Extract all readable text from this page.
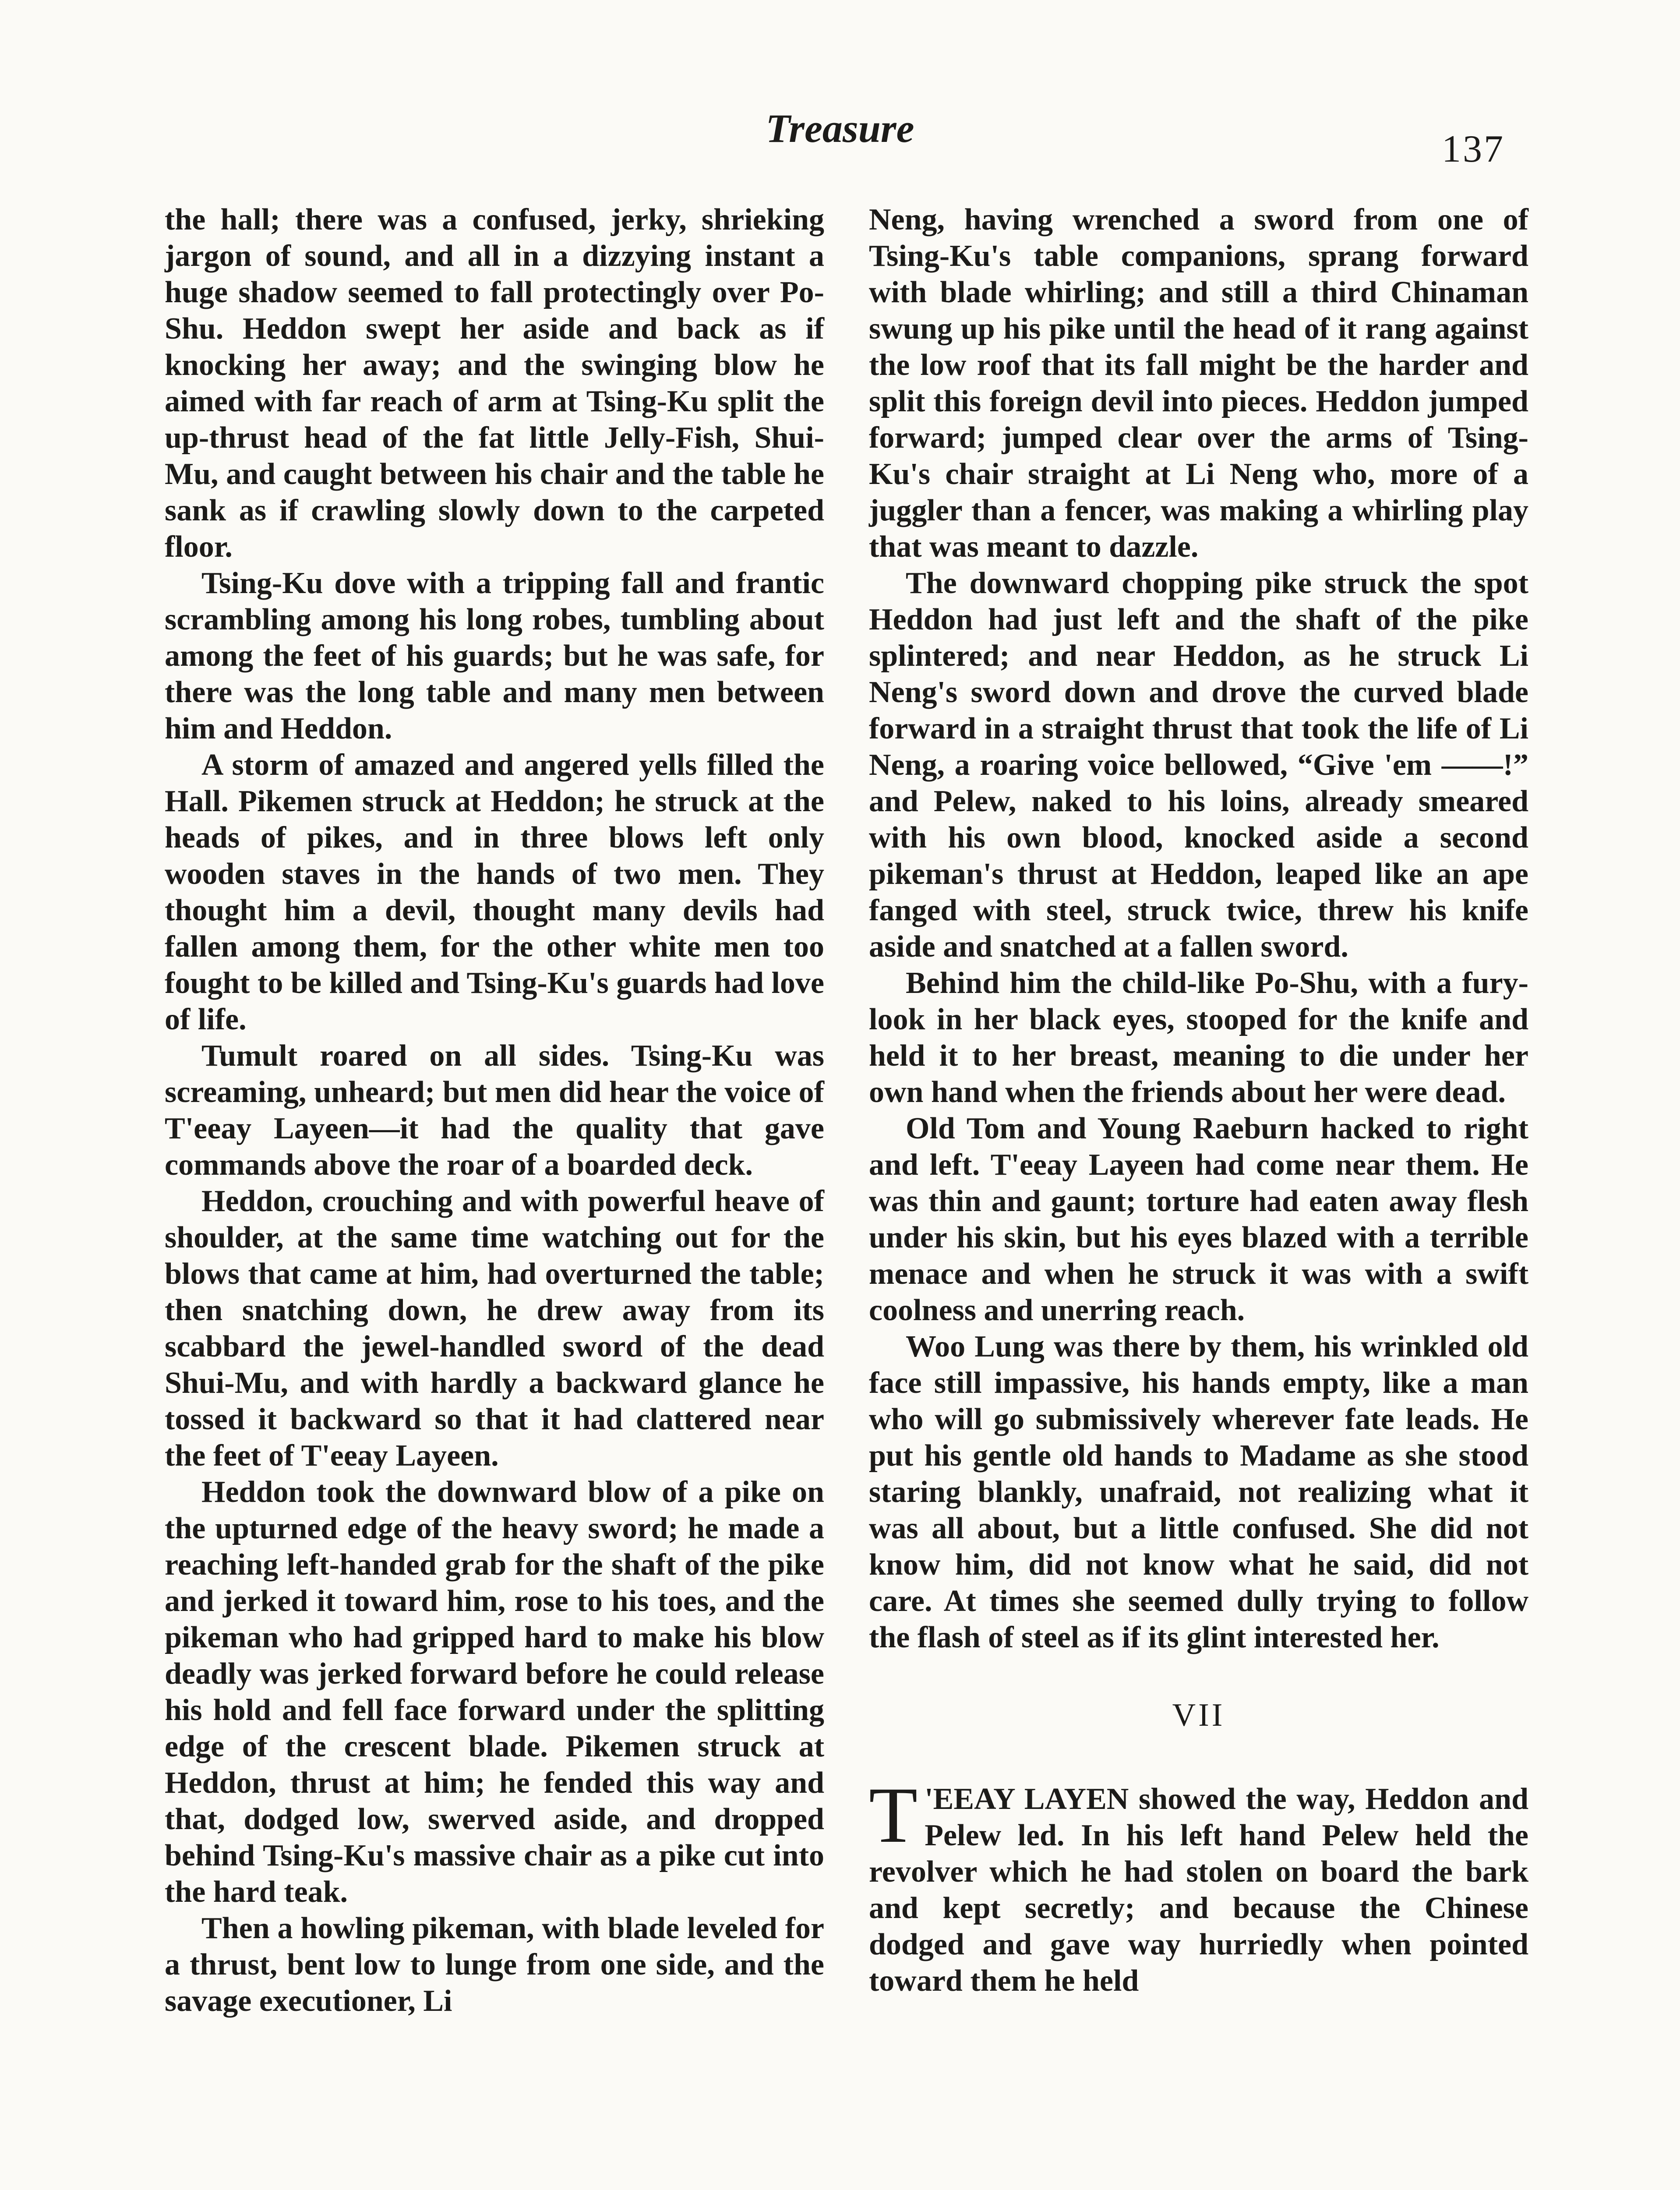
Treasure	137

the hall; there was a confused, jerky, shrieking jargon of sound, and all in a dizzying instant a huge shadow seemed to fall protectingly over Po-Shu. Heddon swept her aside and back as if knocking her away; and the swinging blow he aimed with far reach of arm at Tsing-Ku split the up-thrust head of the fat little Jelly-Fish, Shui-Mu, and caught between his chair and the table he sank as if crawling slowly down to the carpeted floor.

Tsing-Ku dove with a tripping fall and frantic scrambling among his long robes, tumbling about among the feet of his guards; but he was safe, for there was the long table and many men between him and Heddon.

A storm of amazed and angered yells filled the Hall. Pikemen struck at Heddon; he struck at the heads of pikes, and in three blows left only wooden staves in the hands of two men. They thought him a devil, thought many devils had fallen among them, for the other white men too fought to be killed and Tsing-Ku's guards had love of life.

Tumult roared on all sides. Tsing-Ku was screaming, unheard; but men did hear the voice of T'eeay Layeen—it had the quality that gave commands above the roar of a boarded deck.

Heddon, crouching and with powerful heave of shoulder, at the same time watching out for the blows that came at him, had overturned the table; then snatching down, he drew away from its scabbard the jewel-handled sword of the dead Shui-Mu, and with hardly a backward glance he tossed it backward so that it had clattered near the feet of T'eeay Layeen.

Heddon took the downward blow of a pike on the upturned edge of the heavy sword; he made a reaching left-handed grab for the shaft of the pike and jerked it toward him, rose to his toes, and the pikeman who had gripped hard to make his blow deadly was jerked forward before he could release his hold and fell face forward under the splitting edge of the crescent blade. Pikemen struck at Heddon, thrust at him; he fended this way and that, dodged low, swerved aside, and dropped behind Tsing-Ku's massive chair as a pike cut into the hard teak.

Then a howling pikeman, with blade leveled for a thrust, bent low to lunge from one side, and the savage executioner, Li

Neng, having wrenched a sword from one of Tsing-Ku's table companions, sprang forward with blade whirling; and still a third Chinaman swung up his pike until the head of it rang against the low roof that its fall might be the harder and split this foreign devil into pieces. Heddon jumped forward; jumped clear over the arms of Tsing-Ku's chair straight at Li Neng who, more of a juggler than a fencer, was making a whirling play that was meant to dazzle.

The downward chopping pike struck the spot Heddon had just left and the shaft of the pike splintered; and near Heddon, as he struck Li Neng's sword down and drove the curved blade forward in a straight thrust that took the life of Li Neng, a roaring voice bellowed, “Give 'em ——!” and Pelew, naked to his loins, already smeared with his own blood, knocked aside a second pikeman's thrust at Heddon, leaped like an ape fanged with steel, struck twice, threw his knife aside and snatched at a fallen sword.

Behind him the child-like Po-Shu, with a fury-look in her black eyes, stooped for the knife and held it to her breast, meaning to die under her own hand when the friends about her were dead.

Old Tom and Young Raeburn hacked to right and left. T'eeay Layeen had come near them. He was thin and gaunt; torture had eaten away flesh under his skin, but his eyes blazed with a terrible menace and when he struck it was with a swift coolness and unerring reach.

Woo Lung was there by them, his wrinkled old face still impassive, his hands empty, like a man who will go submissively wherever fate leads. He put his gentle old hands to Madame as she stood staring blankly, unafraid, not realizing what it was all about, but a little confused. She did not know him, did not know what he said, did not care. At times she seemed dully trying to follow the flash of steel as if its glint interested her.

VII

T 'EEAY LAYEN showed the way, Heddon and Pelew led. In his left hand Pelew held the revolver which he had stolen on board the bark and kept secretly; and because the Chinese dodged and gave way hurriedly when pointed toward them he held
